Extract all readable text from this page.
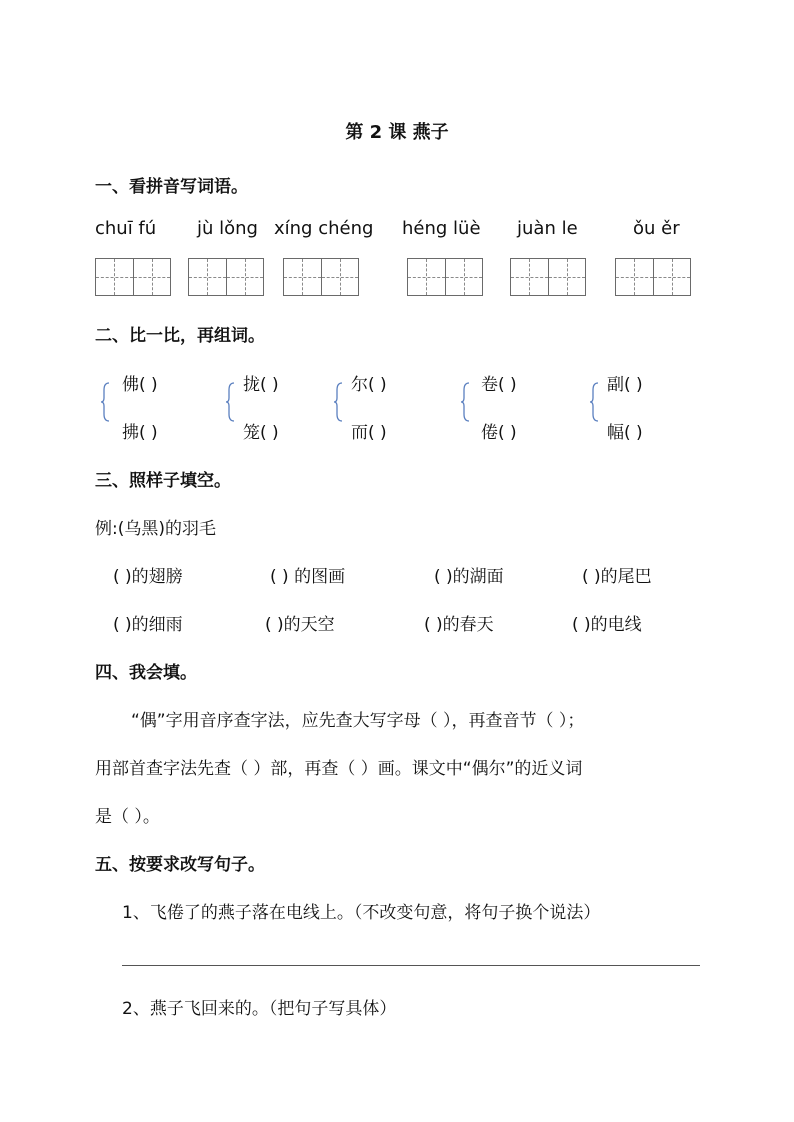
第 2 课 燕子
一、看拼音写词语。
chuī fú jù lǒng xíng chéng héng lüè juàn le	ǒu ěr
二、比一比，再组词。
佛( )
拂( )
拢( )
笼( )
尔( )
而( )
卷( )
倦( )
副( )
幅( )
三、照样子填空。
例:(乌黑)的羽毛
( )的翅膀	( ) 的图画	( )的湖面	( )的尾巴
( )的细雨	( )的天空	( )的春天	( )的电线
四、我会填。
“偶”字用音序查字法，应先查大写字母（ ），再查音节（ ）；
用部首查字法先查（ ）部，再查（ ）画。课文中“偶尔”的近义词
是（ ）。
五、按要求改写句子。
1、飞倦了的燕子落在电线上。（不改变句意，将句子换个说法）
2、燕子飞回来的。（把句子写具体）
